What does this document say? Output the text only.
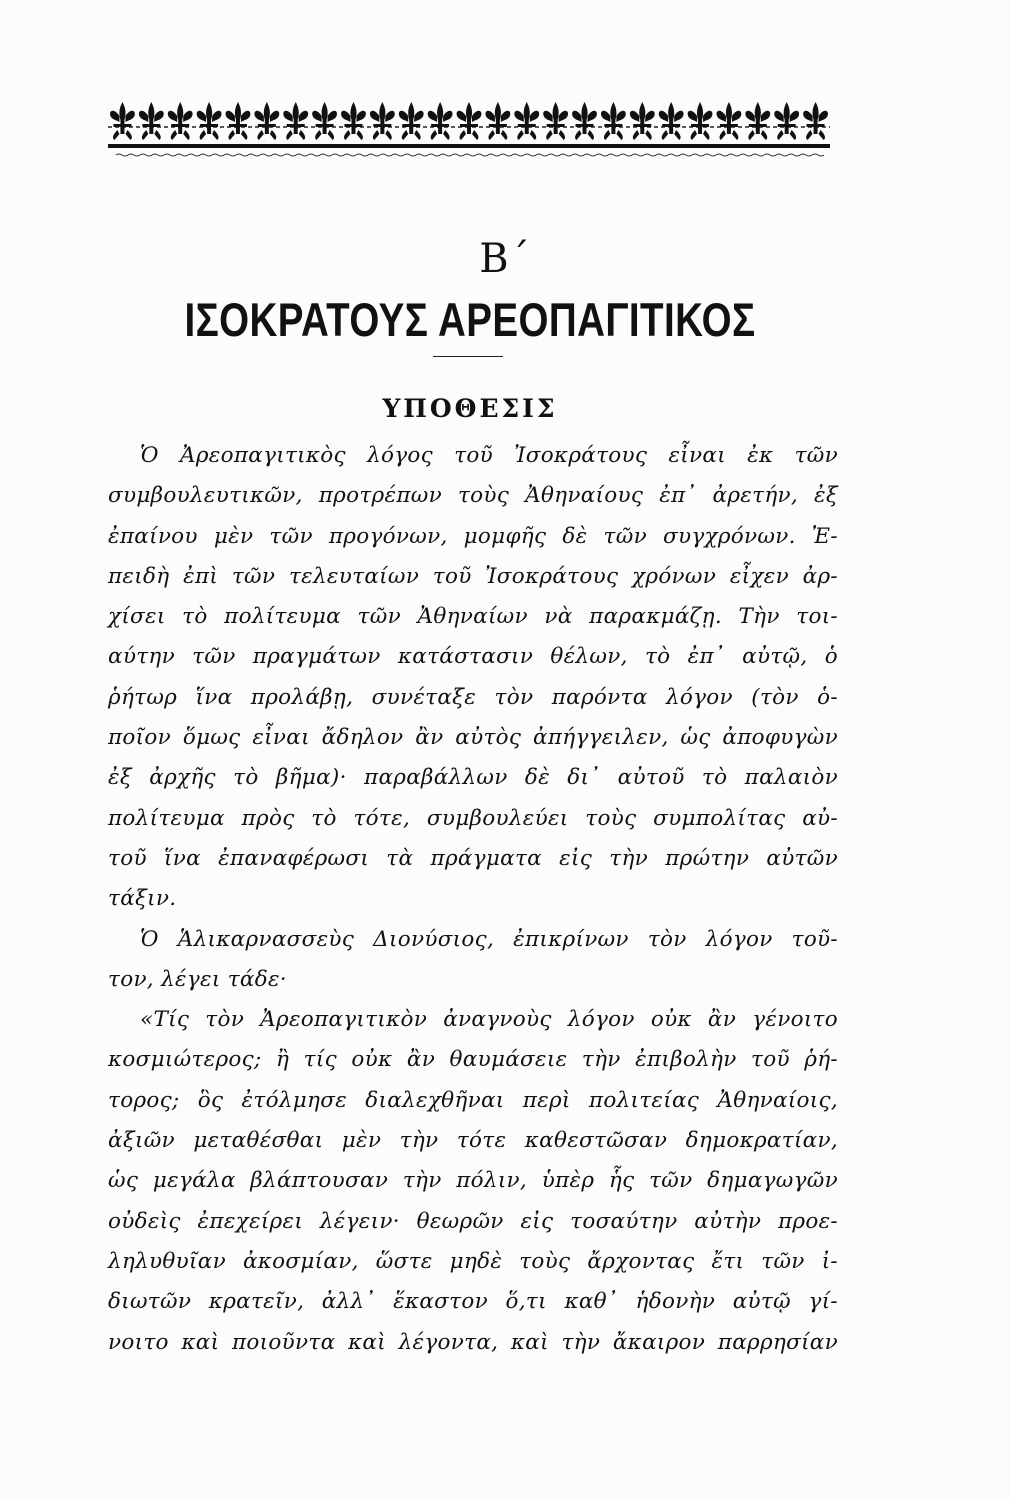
Β΄
ΙΣΟΚΡΑΤΟΥΣ ΑΡΕΟΠΑΓΙΤΙΚΟΣ
ΥΠΟΘΕΣΙΣ
Ὁ Ἀρεοπαγιτικὸς λόγος τοῦ Ἰσοκράτους εἶναι ἐκ τῶν
συμβουλευτικῶν, προτρέπων τοὺς Ἀθηναίους ἐπ᾽ ἀρετήν, ἐξ
ἐπαίνου μὲν τῶν προγόνων, μομφῆς δὲ τῶν συγχρόνων. Ἐ-
πειδὴ ἐπὶ τῶν τελευταίων τοῦ Ἰσοκράτους χρόνων εἶχεν ἀρ-
χίσει τὸ πολίτευμα τῶν Ἀθηναίων νὰ παρακμάζῃ. Τὴν τοι-
αύτην τῶν πραγμάτων κατάστασιν θέλων, τὸ ἐπ᾽ αὐτῷ, ὁ
ῥήτωρ ἵνα προλάβῃ, συνέταξε τὸν παρόντα λόγον (τὸν ὁ-
ποῖον ὅμως εἶναι ἄδηλον ἂν αὐτὸς ἀπήγγειλεν, ὡς ἀποφυγὼν
ἐξ ἀρχῆς τὸ βῆμα)· παραβάλλων δὲ δι᾽ αὐτοῦ τὸ παλαιὸν
πολίτευμα πρὸς τὸ τότε, συμβουλεύει τοὺς συμπολίτας αὐ-
τοῦ ἵνα ἐπαναφέρωσι τὰ πράγματα εἰς τὴν πρώτην αὐτῶν
τάξιν.
Ὁ Ἁλικαρνασσεὺς Διονύσιος, ἐπικρίνων τὸν λόγον τοῦ-
τον, λέγει τάδε·
«Τίς τὸν Ἀρεοπαγιτικὸν ἀναγνοὺς λόγον οὐκ ἂν γένοιτο
κοσμιώτερος; ἢ τίς οὐκ ἂν θαυμάσειε τὴν ἐπιβολὴν τοῦ ῥή-
τορος; ὃς ἐτόλμησε διαλεχθῆναι περὶ πολιτείας Ἀθηναίοις,
ἀξιῶν μεταθέσθαι μὲν τὴν τότε καθεστῶσαν δημοκρατίαν,
ὡς μεγάλα βλάπτουσαν τὴν πόλιν, ὑπὲρ ἧς τῶν δημαγωγῶν
οὐδεὶς ἐπεχείρει λέγειν· θεωρῶν εἰς τοσαύτην αὐτὴν προε-
ληλυθυῖαν ἀκοσμίαν, ὥστε μηδὲ τοὺς ἄρχοντας ἔτι τῶν ἰ-
διωτῶν κρατεῖν, ἀλλ᾽ ἕκαστον ὅ,τι καθ᾽ ἡδονὴν αὐτῷ γί-
νοιτο καὶ ποιοῦντα καὶ λέγοντα, καὶ τὴν ἄκαιρον παρρησίαν
